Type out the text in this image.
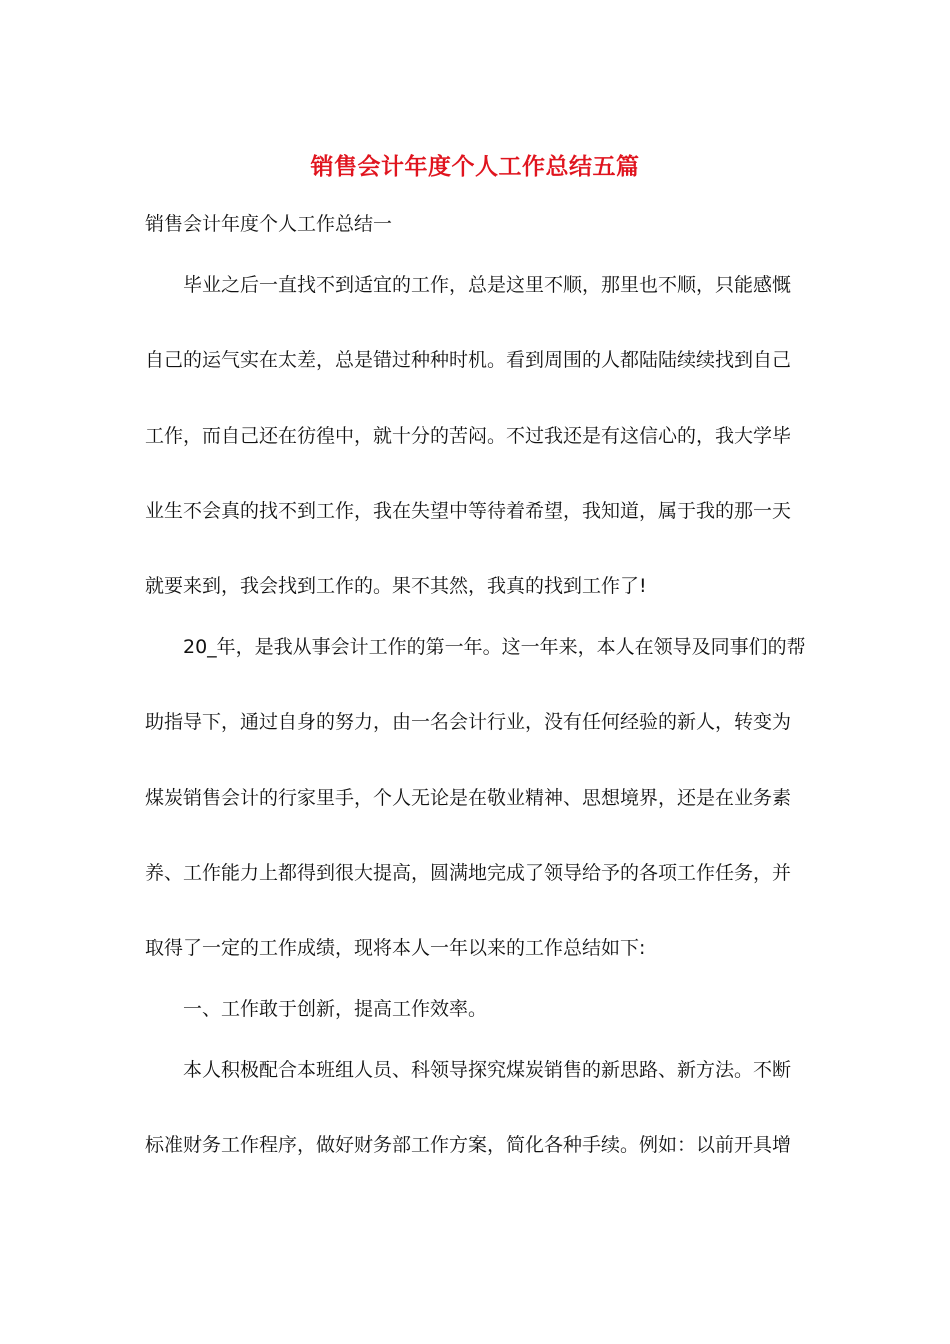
销售会计年度个人工作总结五篇
销售会计年度个人工作总结一
毕业之后一直找不到适宜的工作，总是这里不顺，那里也不顺，只能感慨
自己的运气实在太差，总是错过种种时机。看到周围的人都陆陆续续找到自己
工作，而自己还在彷徨中，就十分的苦闷。不过我还是有这信心的，我大学毕
业生不会真的找不到工作，我在失望中等待着希望，我知道，属于我的那一天
就要来到，我会找到工作的。果不其然，我真的找到工作了!
20_年，是我从事会计工作的第一年。这一年来，本人在领导及同事们的帮
助指导下，通过自身的努力，由一名会计行业，没有任何经验的新人，转变为
煤炭销售会计的行家里手，个人无论是在敬业精神、思想境界，还是在业务素
养、工作能力上都得到很大提高，圆满地完成了领导给予的各项工作任务，并
取得了一定的工作成绩，现将本人一年以来的工作总结如下:
一、工作敢于创新，提高工作效率。
本人积极配合本班组人员、科领导探究煤炭销售的新思路、新方法。不断
标准财务工作程序，做好财务部工作方案，简化各种手续。例如：以前开具增
